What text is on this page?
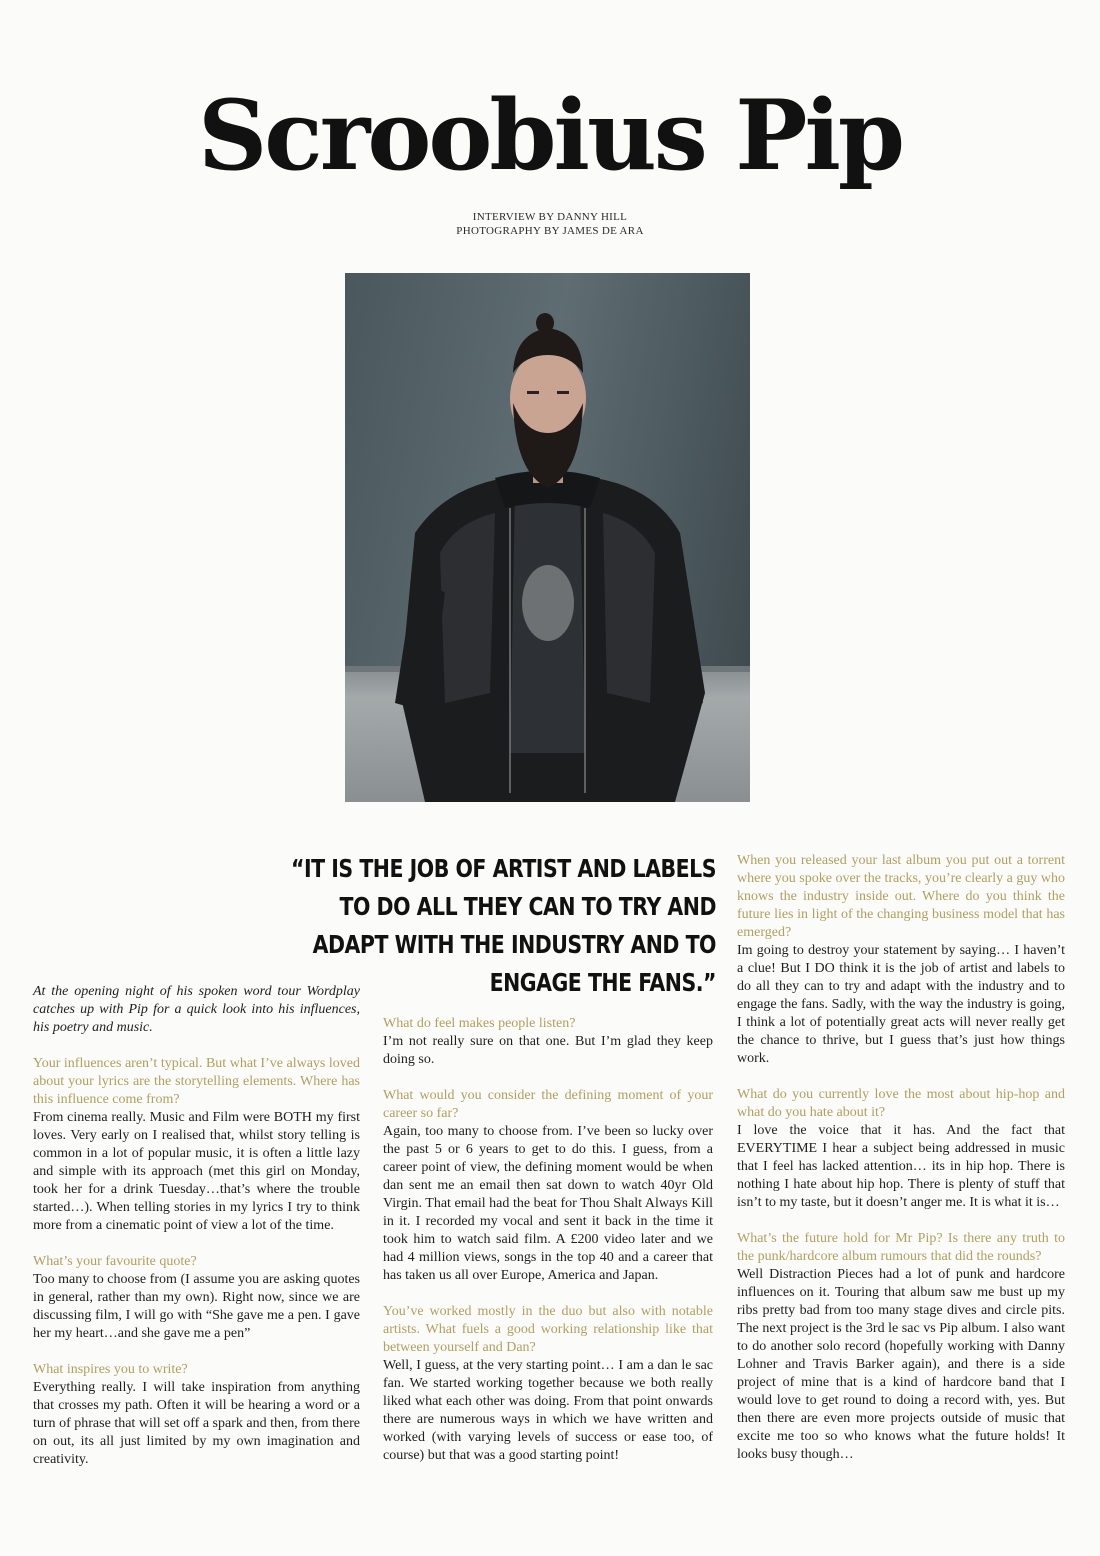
Scroobius Pip
INTERVIEW BY DANNY HILL
PHOTOGRAPHY BY JAMES DE ARA
“IT IS THE JOB OF ARTIST AND LABELS TO DO ALL THEY CAN TO TRY AND ADAPT WITH THE INDUSTRY AND TO ENGAGE THE FANS.”

At the opening night of his spoken word tour Wordplay catches up with Pip for a quick look into his influences, his poetry and music.

Your influences aren’t typical. But what I’ve always loved about your lyrics are the storytelling elements. Where has this influence come from?

From cinema really. Music and Film were BOTH my first loves. Very early on I realised that, whilst story telling is common in a lot of popular music, it is often a little lazy and simple with its approach (met this girl on Monday, took her for a drink Tuesday…that’s where the trouble started…). When telling stories in my lyrics I try to think more from a cinematic point of view a lot of the time.

What’s your favourite quote?

Too many to choose from (I assume you are asking quotes in general, rather than my own). Right now, since we are discussing film, I will go with “She gave me a pen. I gave her my heart…and she gave me a pen”

What inspires you to write?

Everything really. I will take inspiration from anything that crosses my path. Often it will be hearing a word or a turn of phrase that will set off a spark and then, from there on out, its all just limited by my own imagination and creativity.

What do feel makes people listen?

I’m not really sure on that one. But I’m glad they keep doing so.

What would you consider the defining moment of your career so far?

Again, too many to choose from. I’ve been so lucky over the past 5 or 6 years to get to do this. I guess, from a career point of view, the defining moment would be when dan sent me an email then sat down to watch 40yr Old Virgin. That email had the beat for Thou Shalt Always Kill in it. I recorded my vocal and sent it back in the time it took him to watch said film. A £200 video later and we had 4 million views, songs in the top 40 and a career that has taken us all over Europe, America and Japan.

You’ve worked mostly in the duo but also with notable artists. What fuels a good working relationship like that between yourself and Dan?

Well, I guess, at the very starting point… I am a dan le sac fan. We started working together because we both really liked what each other was doing. From that point onwards there are numerous ways in which we have written and worked (with varying levels of success or ease too, of course) but that was a good starting point!

When you released your last album you put out a torrent where you spoke over the tracks, you’re clearly a guy who knows the industry inside out. Where do you think the future lies in light of the changing business model that has emerged?

Im going to destroy your statement by saying… I haven’t a clue! But I DO think it is the job of artist and labels to do all they can to try and adapt with the industry and to engage the fans. Sadly, with the way the industry is going, I think a lot of potentially great acts will never really get the chance to thrive, but I guess that’s just how things work.

What do you currently love the most about hip-hop and what do you hate about it?

I love the voice that it has. And the fact that EVERYTIME I hear a subject being addressed in music that I feel has lacked attention… its in hip hop. There is nothing I hate about hip hop. There is plenty of stuff that isn’t to my taste, but it doesn’t anger me. It is what it is…

What’s the future hold for Mr Pip? Is there any truth to the punk/hardcore album rumours that did the rounds?

Well Distraction Pieces had a lot of punk and hardcore influences on it. Touring that album saw me bust up my ribs pretty bad from too many stage dives and circle pits. The next project is the 3rd le sac vs Pip album. I also want to do another solo record (hopefully working with Danny Lohner and Travis Barker again), and there is a side project of mine that is a kind of hardcore band that I would love to get round to doing a record with, yes. But then there are even more projects outside of music that excite me too so who knows what the future holds! It looks busy though…
